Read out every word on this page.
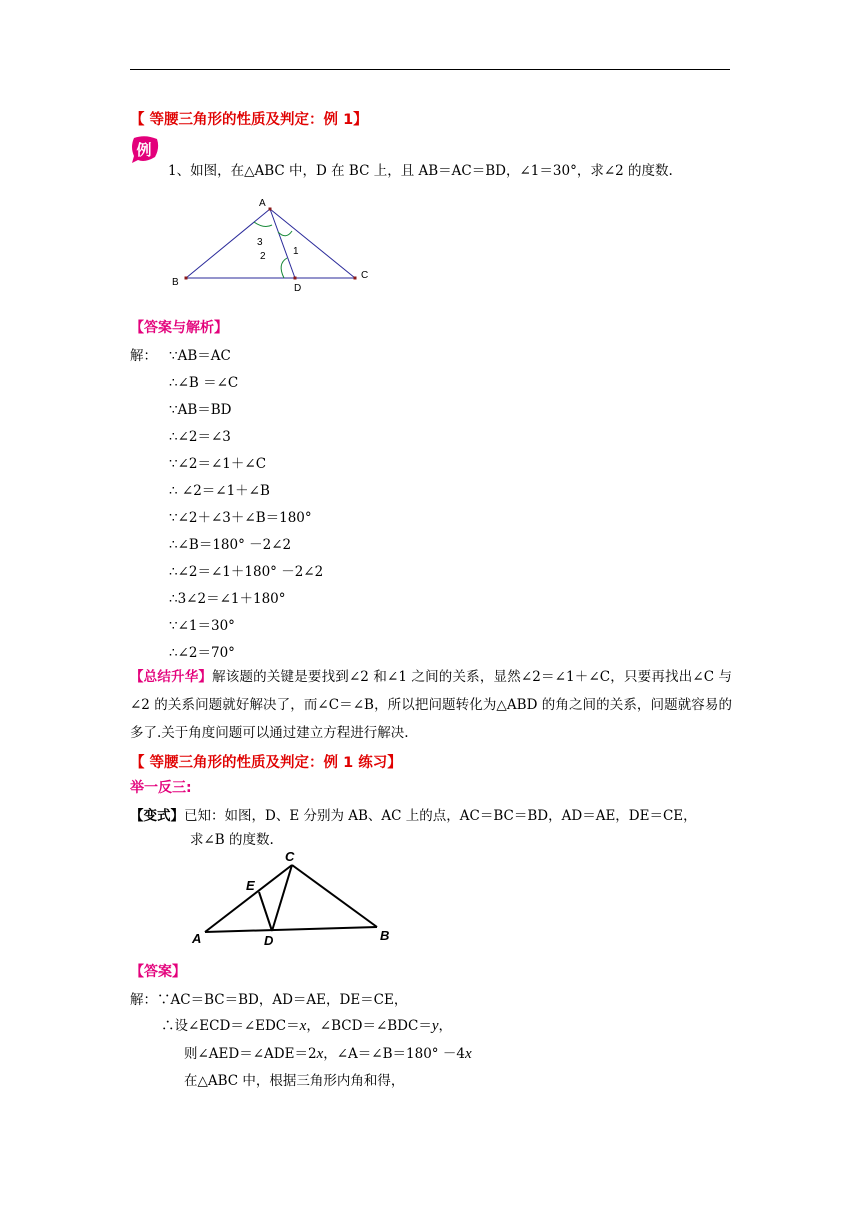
【 等腰三角形的性质及判定：例 1】
例
1、如图，在△ABC 中，D 在 BC 上，且 AB＝AC＝BD，∠1＝30°，求∠2 的度数.
A
B
C
D
3
2	1
【答案与解析】
解： ∵AB＝AC
∴∠B ＝∠C
∵AB＝BD
∴∠2＝∠3
∵∠2＝∠1＋∠C
∴ ∠2＝∠1＋∠B
∵∠2＋∠3＋∠B＝180°
∴∠B＝180° －2∠2
∴∠2＝∠1＋180° －2∠2
∴3∠2＝∠1＋180°
∵∠1＝30°
∴∠2＝70°
【总结升华】解该题的关键是要找到∠2 和∠1 之间的关系，显然∠2＝∠1＋∠C，只要再找出∠C 与∠2 的关系问题就好解决了，而∠C＝∠B，所以把问题转化为△ABD 的角之间的关系，问题就容易的多了.关于角度问题可以通过建立方程进行解决.
【 等腰三角形的性质及判定：例 1 练习】
举一反三:
【变式】已知：如图，D、E 分别为 AB、AC 上的点，AC＝BC＝BD，AD＝AE，DE＝CE，
求∠B 的度数.
C
E
A	D	B
【答案】
解：∵AC＝BC＝BD，AD＝AE，DE＝CE，
∴设∠ECD＝∠EDC＝x，∠BCD＝∠BDC＝y，
则∠AED＝∠ADE＝2x，∠A＝∠B＝180° －4x
在△ABC 中，根据三角形内角和得，
